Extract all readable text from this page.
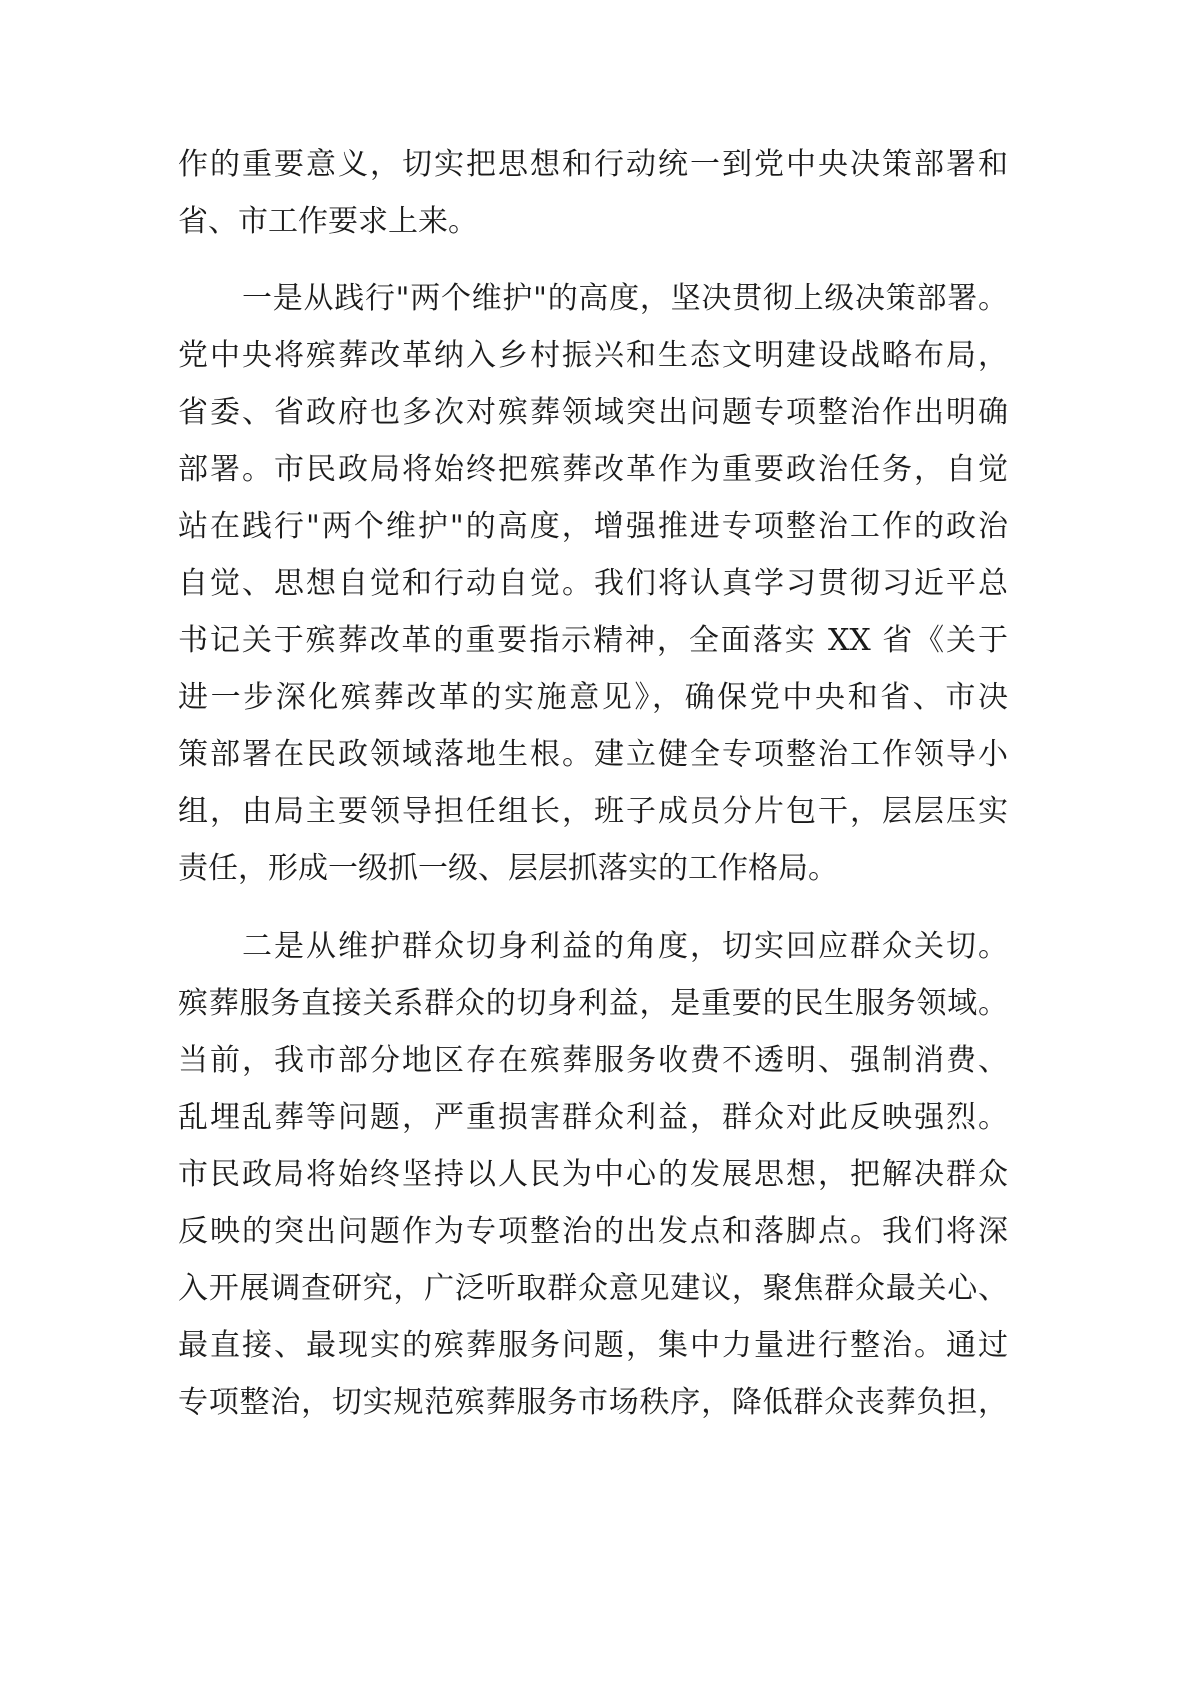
作的重要意义，切实把思想和行动统一到党中央决策部署和
省、市工作要求上来。
一是从践行"两个维护"的高度，坚决贯彻上级决策部署。
党中央将殡葬改革纳入乡村振兴和生态文明建设战略布局，
省委、省政府也多次对殡葬领域突出问题专项整治作出明确
部署。市民政局将始终把殡葬改革作为重要政治任务，自觉
站在践行"两个维护"的高度，增强推进专项整治工作的政治
自觉、思想自觉和行动自觉。我们将认真学习贯彻习近平总
书记关于殡葬改革的重要指示精神，全面落实 XX 省《关于
进一步深化殡葬改革的实施意见》，确保党中央和省、市决
策部署在民政领域落地生根。建立健全专项整治工作领导小
组，由局主要领导担任组长，班子成员分片包干，层层压实
责任，形成一级抓一级、层层抓落实的工作格局。
二是从维护群众切身利益的角度，切实回应群众关切。
殡葬服务直接关系群众的切身利益，是重要的民生服务领域。
当前，我市部分地区存在殡葬服务收费不透明、强制消费、
乱埋乱葬等问题，严重损害群众利益，群众对此反映强烈。
市民政局将始终坚持以人民为中心的发展思想，把解决群众
反映的突出问题作为专项整治的出发点和落脚点。我们将深
入开展调查研究，广泛听取群众意见建议，聚焦群众最关心、
最直接、最现实的殡葬服务问题，集中力量进行整治。通过
专项整治，切实规范殡葬服务市场秩序，降低群众丧葬负担，
